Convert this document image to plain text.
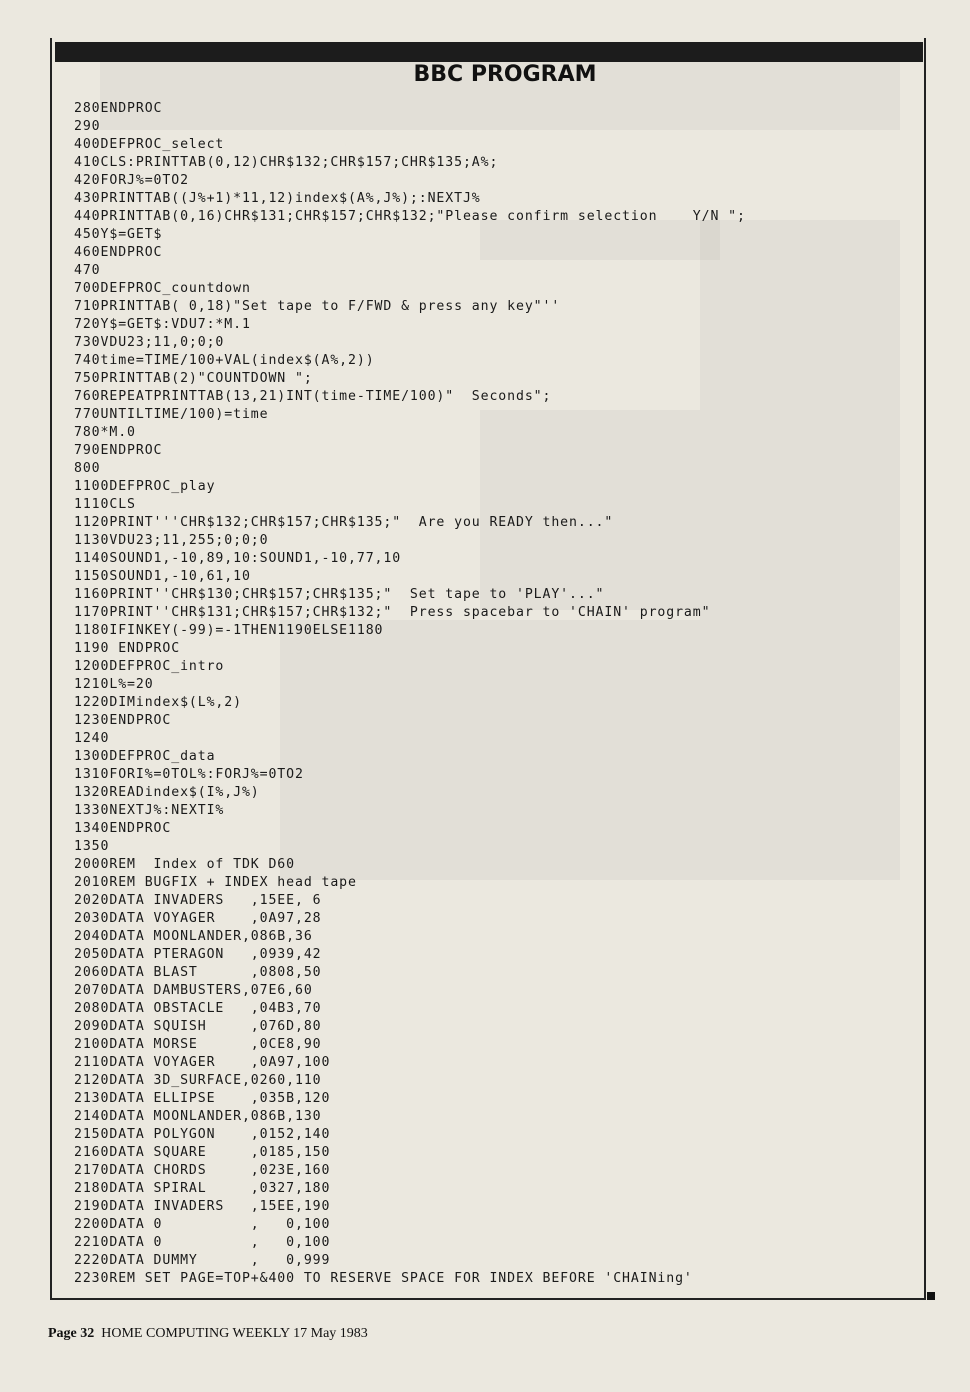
BBC PROGRAM
280ENDPROC
290
400DEFPROC_select
410CLS:PRINTTAB(0,12)CHR$132;CHR$157;CHR$135;A%;
420FORJ%=0TO2
430PRINTTAB((J%+1)*11,12)index$(A%,J%);:NEXTJ%
440PRINTTAB(0,16)CHR$131;CHR$157;CHR$132;"Please confirm selection    Y/N ";
450Y$=GET$
460ENDPROC
470
700DEFPROC_countdown
710PRINTTAB( 0,18)"Set tape to F/FWD & press any key"''
720Y$=GET$:VDU7:*M.1
730VDU23;11,0;0;0
740time=TIME/100+VAL(index$(A%,2))
750PRINTTAB(2)"COUNTDOWN ";
760REPEATPRINTTAB(13,21)INT(time-TIME/100)"  Seconds";
770UNTILTIME/100)=time
780*M.0
790ENDPROC
800
1100DEFPROC_play
1110CLS
1120PRINT'''CHR$132;CHR$157;CHR$135;"  Are you READY then..."
1130VDU23;11,255;0;0;0
1140SOUND1,-10,89,10:SOUND1,-10,77,10
1150SOUND1,-10,61,10
1160PRINT''CHR$130;CHR$157;CHR$135;"  Set tape to 'PLAY'..."
1170PRINT''CHR$131;CHR$157;CHR$132;"  Press spacebar to 'CHAIN' program"
1180IFINKEY(-99)=-1THEN1190ELSE1180
1190 ENDPROC
1200DEFPROC_intro
1210L%=20
1220DIMindex$(L%,2)
1230ENDPROC
1240
1300DEFPROC_data
1310FORI%=0TOL%:FORJ%=0TO2
1320READindex$(I%,J%)
1330NEXTJ%:NEXTI%
1340ENDPROC
1350
2000REM  Index of TDK D60
2010REM BUGFIX + INDEX head tape
2020DATA INVADERS   ,15EE, 6
2030DATA VOYAGER    ,0A97,28
2040DATA MOONLANDER,086B,36
2050DATA PTERAGON   ,0939,42
2060DATA BLAST      ,0808,50
2070DATA DAMBUSTERS,07E6,60
2080DATA OBSTACLE   ,04B3,70
2090DATA SQUISH     ,076D,80
2100DATA MORSE      ,0CE8,90
2110DATA VOYAGER    ,0A97,100
2120DATA 3D_SURFACE,0260,110
2130DATA ELLIPSE    ,035B,120
2140DATA MOONLANDER,086B,130
2150DATA POLYGON    ,0152,140
2160DATA SQUARE     ,0185,150
2170DATA CHORDS     ,023E,160
2180DATA SPIRAL     ,0327,180
2190DATA INVADERS   ,15EE,190
2200DATA 0          ,   0,100
2210DATA 0          ,   0,100
2220DATA DUMMY      ,   0,999
2230REM SET PAGE=TOP+&400 TO RESERVE SPACE FOR INDEX BEFORE 'CHAINing'
Page 32 HOME COMPUTING WEEKLY 17 May 1983
